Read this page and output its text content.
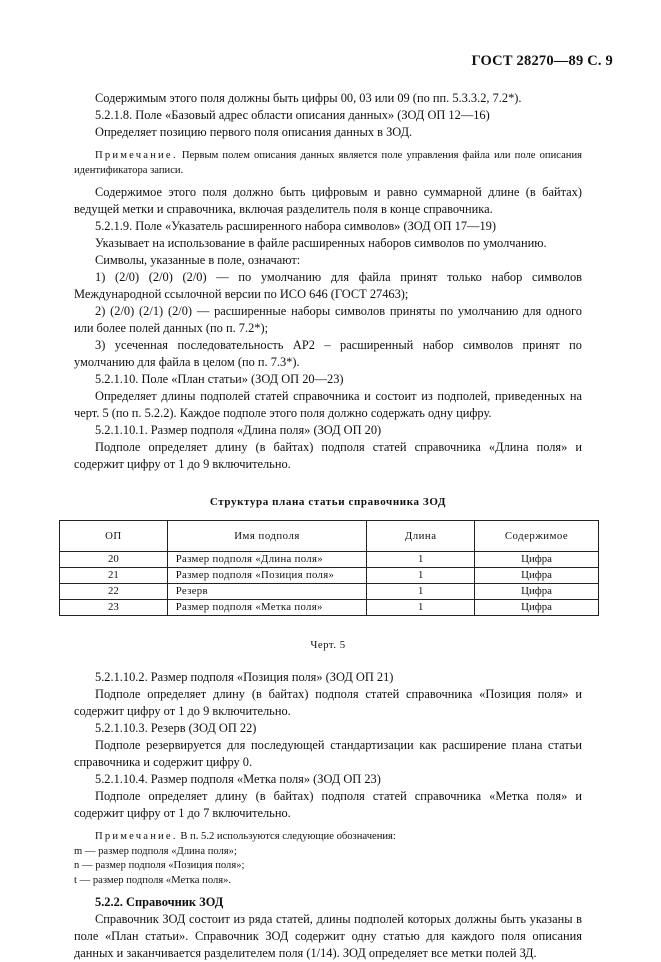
ГОСТ 28270—89 С. 9

Содержимым этого поля должны быть цифры 00, 03 или 09 (по пп. 5.3.3.2, 7.2*).

5.2.1.8. Поле «Базовый адрес области описания данных» (ЗОД ОП 12—16)

Определяет позицию первого поля описания данных в ЗОД.

Примечание. Первым полем описания данных является поле управления файла или поле описания идентификатора записи.

Содержимое этого поля должно быть цифровым и равно суммарной длине (в байтах) ведущей метки и справочника, включая разделитель поля в конце справочника.

5.2.1.9. Поле «Указатель расширенного набора символов» (ЗОД ОП 17—19)

Указывает на использование в файле расширенных наборов символов по умолчанию.

Символы, указанные в поле, означают:

1) (2/0) (2/0) (2/0) — по умолчанию для файла принят только набор символов Международной ссылочной версии по ИСО 646 (ГОСТ 27463);

2) (2/0) (2/1) (2/0) — расширенные наборы символов приняты по умолчанию для одного или более полей данных (по п. 7.2*);

3) усеченная последовательность АР2 – расширенный набор символов принят по умолчанию для файла в целом (по п. 7.3*).

5.2.1.10. Поле «План статьи» (ЗОД ОП 20—23)

Определяет длины подполей статей справочника и состоит из подполей, приведенных на черт. 5 (по п. 5.2.2). Каждое подполе этого поля должно содержать одну цифру.

5.2.1.10.1. Размер подполя «Длина поля» (ЗОД ОП 20)

Подполе определяет длину (в байтах) подполя статей справочника «Длина поля» и содержит цифру от 1 до 9 включительно.

Структура плана статьи справочника ЗОД
ОП	Имя подполя	Длина	Содержимое
20	Размер подполя «Длина поля»	1	Цифра
21	Размер подполя «Позиция поля»	1	Цифра
22	Резерв	1	Цифра
23	Размер подполя «Метка поля»	1	Цифра
Черт. 5

5.2.1.10.2. Размер подполя «Позиция поля» (ЗОД ОП 21)

Подполе определяет длину (в байтах) подполя статей справочника «Позиция поля» и содержит цифру от 1 до 9 включительно.

5.2.1.10.3. Резерв (ЗОД ОП 22)

Подполе резервируется для последующей стандартизации как расширение плана статьи справочника и содержит цифру 0.

5.2.1.10.4. Размер подполя «Метка поля» (ЗОД ОП 23)

Подполе определяет длину (в байтах) подполя статей справочника «Метка поля» и содержит цифру от 1 до 7 включительно.

Примечание. В п. 5.2 используются следующие обозначения:

m — размер подполя «Длина поля»;

n — размер подполя «Позиция поля»;

t — размер подполя «Метка поля».

5.2.2. Справочник ЗОД

Справочник ЗОД состоит из ряда статей, длины подполей которых должны быть указаны в поле «План статьи». Справочник ЗОД содержит одну статью для каждого поля описания данных и заканчивается разделителем поля (1/14). ЗОД определяет все метки полей ЗД.
